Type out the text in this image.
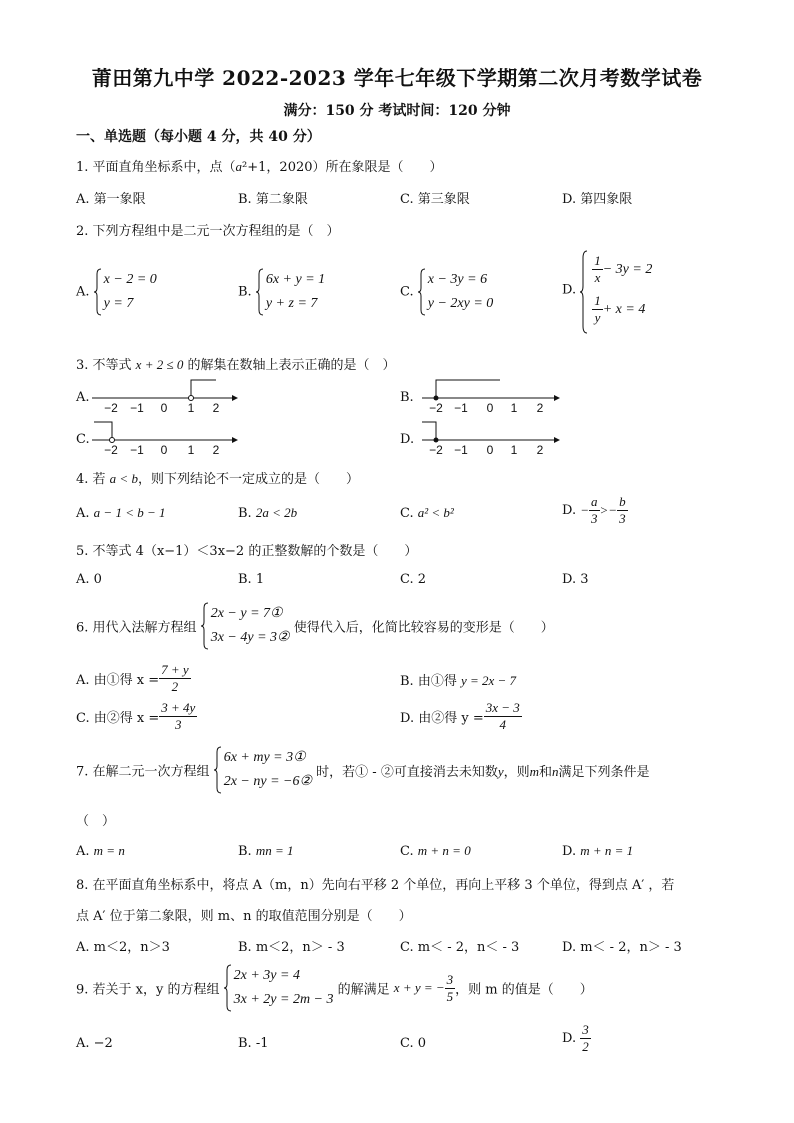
莆田第九中学 2022-2023 学年七年级下学期第二次月考数学试卷
满分：150 分 考试时间：120 分钟
一、单选题（每小题 4 分，共 40 分）
1. 平面直角坐标系中，点（a²+1，2020）所在象限是（　　）
A. 第一象限	B. 第二象限	C. 第三象限	D. 第四象限
2. 下列方程组中是二元一次方程组的是（　）
A.
x − 2 = 0
y = 7
B.
6x + y = 1
y + z = 7
C.
x − 3y = 6
y − 2xy = 0
D.
$\frac{1}{x} - 3y = 2$
$\frac{1}{y} + x = 4$
3. 不等式 x + 2 ≤ 0 的解集在数轴上表示正确的是（　）
A.
−2 −1 0 1 2
B.
−2 −1 0 1 2
C.
−2 −1 0 1 2
D.
−2 −1 0 1 2
4. 若 a < b，则下列结论不一定成立的是（　　）
A. a − 1 < b − 1	B. 2a < 2b	C. a² < b²	D. − $\frac{a}{3} >- \frac{b}{3}$
5. 不等式 4（x−1）＜3x−2 的正整数解的个数是（　　）
A. 0	B. 1	C. 2	D. 3
6. 用代入法解方程组
2x − y = 7①
3x − 4y = 3②
使得代入后，化简比较容易的变形是（　　）
A. 由①得 $x = \frac{7 + y}{2}$	B. 由①得 y = 2x − 7
C. 由②得 $x = \frac{3 + 4y}{3}$	D. 由②得 $y = \frac{3x - 3}{4}$
7. 在解二元一次方程组
6x + my = 3①
2x − ny = −6②
时，若① ‑ ②可直接消去未知数y，则m和n满足下列条件是
（　）
A. m = n	B. mn = 1	C. m + n = 0	D. m + n = 1
8. 在平面直角坐标系中，将点 A（m，n）先向右平移 2 个单位，再向上平移 3 个单位，得到点 A′ ，若
点 A′ 位于第二象限，则 m、n 的取值范围分别是（　　）
A. m＜2，n＞3	B. m＜2，n＞ - 3	C. m＜ - 2，n＜ - 3	D. m＜ - 2，n＞ - 3
9. 若关于 x，y 的方程组
2x + 3y = 4
3x + 2y = 2m − 3
的解满足 x + y = − $\frac{3}{5}$ ，则 m 的值是（　　）
A. −2	B. -1	C. 0	D. $\frac{3}{2}$
